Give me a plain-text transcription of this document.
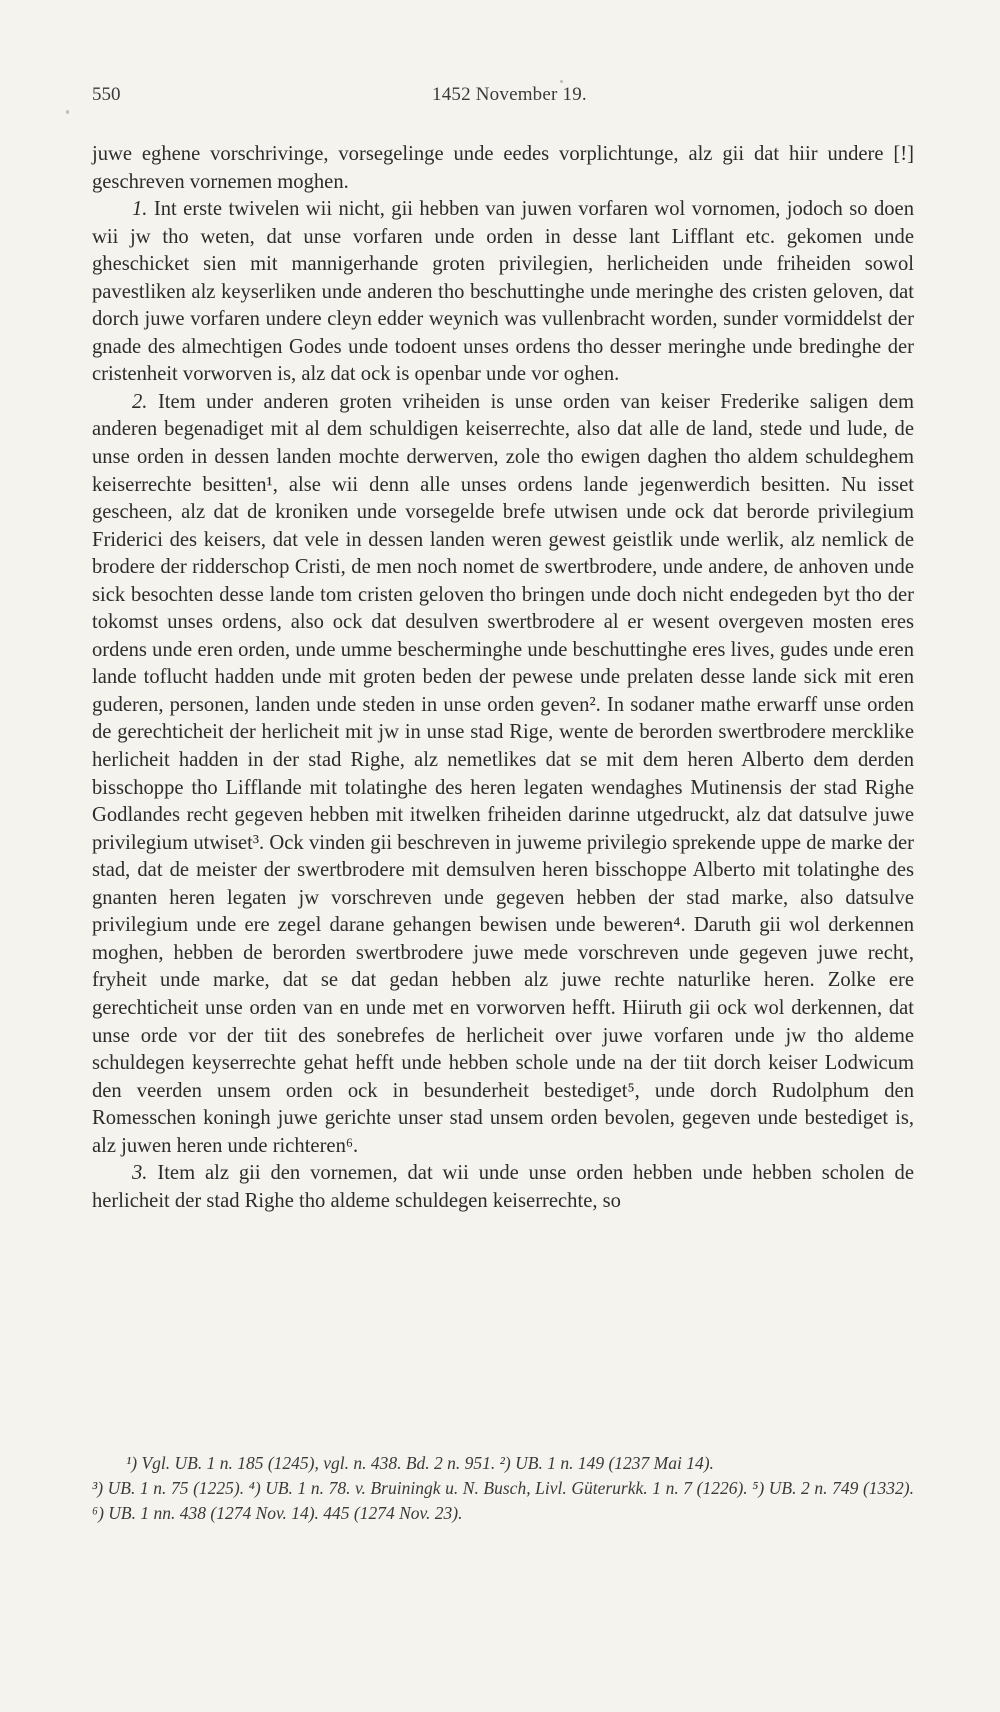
550	1452 November 19.

juwe eghene vorschrivinge, vorsegelinge unde eedes vorplichtunge, alz gii dat hiir undere [!] geschreven vornemen moghen.

1. Int erste twivelen wii nicht, gii hebben van juwen vorfaren wol vornomen, jodoch so doen wii jw tho weten, dat unse vorfaren unde orden in desse lant Lifflant etc. gekomen unde gheschicket sien mit mannigerhande groten privilegien, herlicheiden unde friheiden sowol pavestliken alz keyserliken unde anderen tho beschuttinghe unde meringhe des cristen geloven, dat dorch juwe vorfaren undere cleyn edder weynich was vullenbracht worden, sunder vormiddelst der gnade des almechtigen Godes unde todoent unses ordens tho desser meringhe unde bredinghe der cristenheit vorworven is, alz dat ock is openbar unde vor oghen.

2. Item under anderen groten vriheiden is unse orden van keiser Frederike saligen dem anderen begenadiget mit al dem schuldigen keiserrechte, also dat alle de land, stede und lude, de unse orden in dessen landen mochte derwerven, zole tho ewigen daghen tho aldem schuldeghem keiserrechte besitten¹, alse wii denn alle unses ordens lande jegenwerdich besitten. Nu isset gescheen, alz dat de kroniken unde vorsegelde brefe utwisen unde ock dat berorde privilegium Friderici des keisers, dat vele in dessen landen weren gewest geistlik unde werlik, alz nemlick de brodere der ridderschop Cristi, de men noch nomet de swertbrodere, unde andere, de anhoven unde sick besochten desse lande tom cristen geloven tho bringen unde doch nicht endegeden byt tho der tokomst unses ordens, also ock dat desulven swertbrodere al er wesent overgeven mosten eres ordens unde eren orden, unde umme bescherminghe unde beschuttinghe eres lives, gudes unde eren lande toflucht hadden unde mit groten beden der pewese unde prelaten desse lande sick mit eren guderen, personen, landen unde steden in unse orden geven². In sodaner mathe erwarff unse orden de gerechticheit der herlicheit mit jw in unse stad Rige, wente de berorden swertbrodere mercklike herlicheit hadden in der stad Righe, alz nemetlikes dat se mit dem heren Alberto dem derden bisschoppe tho Lifflande mit tolatinghe des heren legaten wendaghes Mutinensis der stad Righe Godlandes recht gegeven hebben mit itwelken friheiden darinne utgedruckt, alz dat datsulve juwe privilegium utwiset³. Ock vinden gii beschreven in juweme privilegio sprekende uppe de marke der stad, dat de meister der swertbrodere mit demsulven heren bisschoppe Alberto mit tolatinghe des gnanten heren legaten jw vorschreven unde gegeven hebben der stad marke, also datsulve privilegium unde ere zegel darane gehangen bewisen unde beweren⁴. Daruth gii wol derkennen moghen, hebben de berorden swertbrodere juwe mede vorschreven unde gegeven juwe recht, fryheit unde marke, dat se dat gedan hebben alz juwe rechte naturlike heren. Zolke ere gerechticheit unse orden van en unde met en vorworven hefft. Hiiruth gii ock wol derkennen, dat unse orde vor der tiit des sonebrefes de herlicheit over juwe vorfaren unde jw tho aldeme schuldegen keyserrechte gehat hefft unde hebben schole unde na der tiit dorch keiser Lodwicum den veerden unsem orden ock in besunderheit bestediget⁵, unde dorch Rudolphum den Romesschen koningh juwe gerichte unser stad unsem orden bevolen, gegeven unde bestediget is, alz juwen heren unde richteren⁶.

3. Item alz gii den vornemen, dat wii unde unse orden hebben unde hebben scholen de herlicheit der stad Righe tho aldeme schuldegen keiserrechte, so

¹) Vgl. UB. 1 n. 185 (1245), vgl. n. 438. Bd. 2 n. 951. ²) UB. 1 n. 149 (1237 Mai 14).

³) UB. 1 n. 75 (1225). ⁴) UB. 1 n. 78. v. Bruiningk u. N. Busch, Livl. Güterurkk. 1 n. 7 (1226). ⁵) UB. 2 n. 749 (1332). ⁶) UB. 1 nn. 438 (1274 Nov. 14). 445 (1274 Nov. 23).
